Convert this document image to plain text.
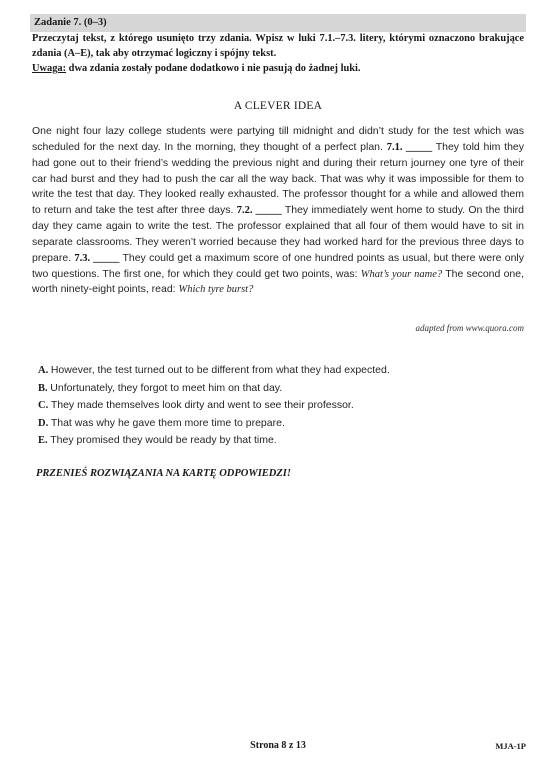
Zadanie 7. (0–3)
Przeczytaj tekst, z którego usunięto trzy zdania. Wpisz w luki 7.1.–7.3. litery, którymi oznaczono brakujące zdania (A–E), tak aby otrzymać logiczny i spójny tekst.
Uwaga: dwa zdania zostały podane dodatkowo i nie pasują do żadnej luki.
A CLEVER IDEA
One night four lazy college students were partying till midnight and didn’t study for the test which was scheduled for the next day. In the morning, they thought of a perfect plan. 7.1. _____ They told him they had gone out to their friend’s wedding the previous night and during their return journey one tyre of their car had burst and they had to push the car all the way back. That was why it was impossible for them to write the test that day. They looked really exhausted. The professor thought for a while and allowed them to return and take the test after three days. 7.2. _____ They immediately went home to study. On the third day they came again to write the test. The professor explained that all four of them would have to sit in separate classrooms. They weren’t worried because they had worked hard for the previous three days to prepare. 7.3. _____ They could get a maximum score of one hundred points as usual, but there were only two questions. The first one, for which they could get two points, was: What’s your name? The second one, worth ninety-eight points, read: Which tyre burst?
adapted from www.quora.com
A. However, the test turned out to be different from what they had expected.
B. Unfortunately, they forgot to meet him on that day.
C. They made themselves look dirty and went to see their professor.
D. That was why he gave them more time to prepare.
E. They promised they would be ready by that time.
PRZENIEŚ ROZWIĄZANIA NA KARTĘ ODPOWIEDZI!
Strona 8 z 13	MJA-1P
